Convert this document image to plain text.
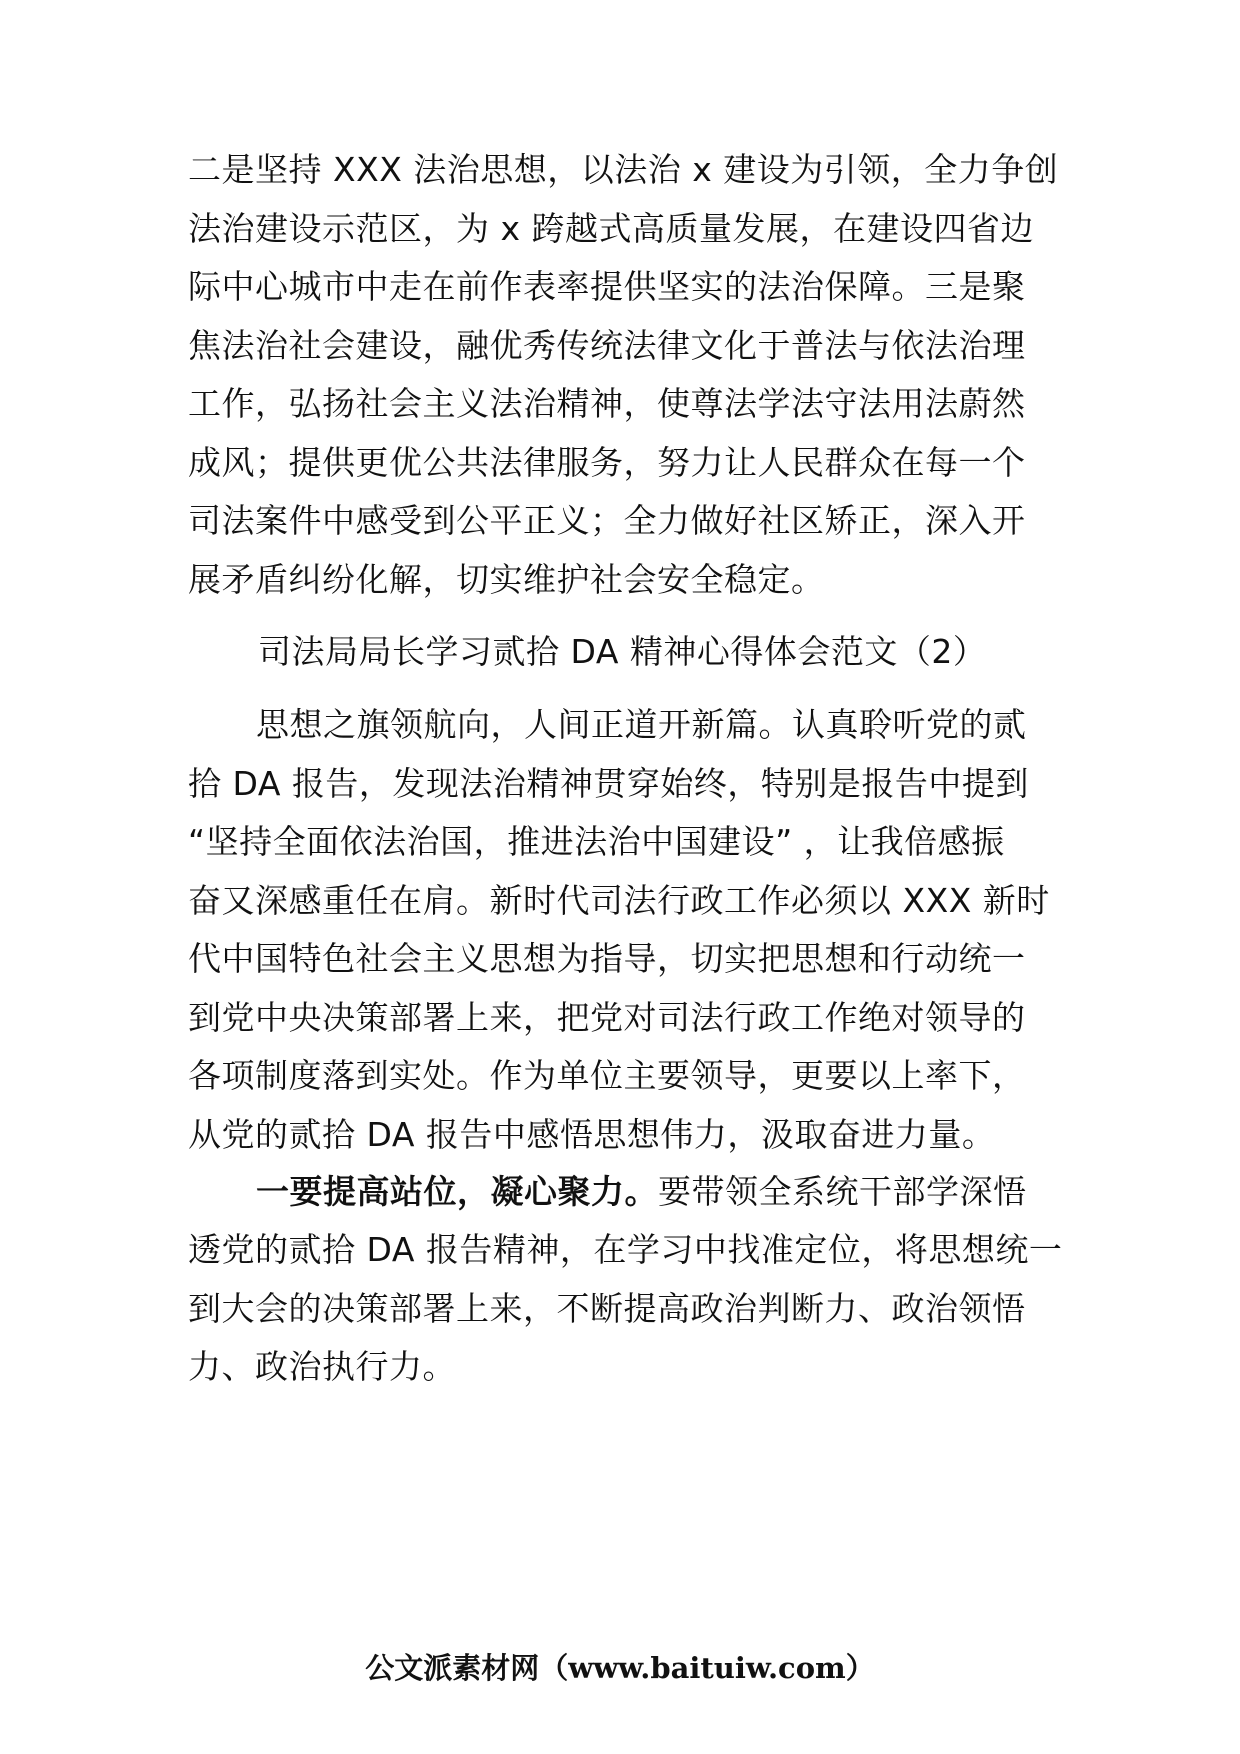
二是坚持 XXX 法治思想，以法治 x 建设为引领，全力争创
法治建设示范区，为 x 跨越式高质量发展，在建设四省边
际中心城市中走在前作表率提供坚实的法治保障。三是聚
焦法治社会建设，融优秀传统法律文化于普法与依法治理
工作，弘扬社会主义法治精神，使尊法学法守法用法蔚然
成风；提供更优公共法律服务，努力让人民群众在每一个
司法案件中感受到公平正义；全力做好社区矫正，深入开
展矛盾纠纷化解，切实维护社会安全稳定。
司法局局长学习贰拾 DA 精神心得体会范文（2）
思想之旗领航向，人间正道开新篇。认真聆听党的贰
拾 DA 报告，发现法治精神贯穿始终，特别是报告中提到
“坚持全面依法治国，推进法治中国建设” ，让我倍感振
奋又深感重任在肩。新时代司法行政工作必须以 XXX 新时
代中国特色社会主义思想为指导，切实把思想和行动统一
到党中央决策部署上来，把党对司法行政工作绝对领导的
各项制度落到实处。作为单位主要领导，更要以上率下，
从党的贰拾 DA 报告中感悟思想伟力，汲取奋进力量。
一要提高站位，凝心聚力。要带领全系统干部学深悟
透党的贰拾 DA 报告精神，在学习中找准定位，将思想统一
到大会的决策部署上来，不断提高政治判断力、政治领悟
力、政治执行力。
公文派素材网（www.baituiw.com）
